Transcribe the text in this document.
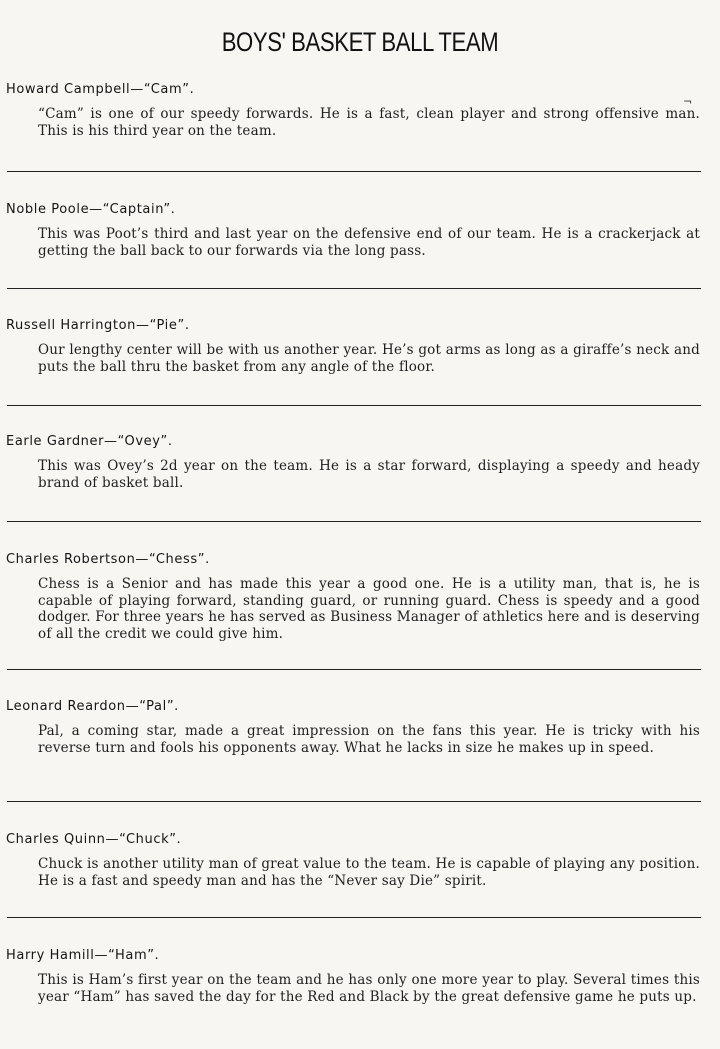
BOYS' BASKET BALL TEAM
¬
Howard Campbell—“Cam”.
“Cam” is one of our speedy forwards. He is a fast, clean player and strong offensive man. This is his third year on the team.
Noble Poole—“Captain”.
This was Poot’s third and last year on the defensive end of our team. He is a crackerjack at getting the ball back to our forwards via the long pass.
Russell Harrington—“Pie”.
Our lengthy center will be with us another year. He’s got arms as long as a giraffe’s neck and puts the ball thru the basket from any angle of the floor.
Earle Gardner—“Ovey”.
This was Ovey’s 2d year on the team. He is a star forward, displaying a speedy and heady brand of basket ball.
Charles Robertson—“Chess”.
Chess is a Senior and has made this year a good one. He is a utility man, that is, he is capable of playing forward, standing guard, or running guard. Chess is speedy and a good dodger. For three years he has served as Business Manager of athletics here and is deserving of all the credit we could give him.
Leonard Reardon—“Pal”.
Pal, a coming star, made a great impression on the fans this year. He is tricky with his reverse turn and fools his opponents away. What he lacks in size he makes up in speed.
Charles Quinn—“Chuck”.
Chuck is another utility man of great value to the team. He is capable of playing any position. He is a fast and speedy man and has the “Never say Die” spirit.
Harry Hamill—“Ham”.
This is Ham’s first year on the team and he has only one more year to play. Several times this year “Ham” has saved the day for the Red and Black by the great defensive game he puts up.
